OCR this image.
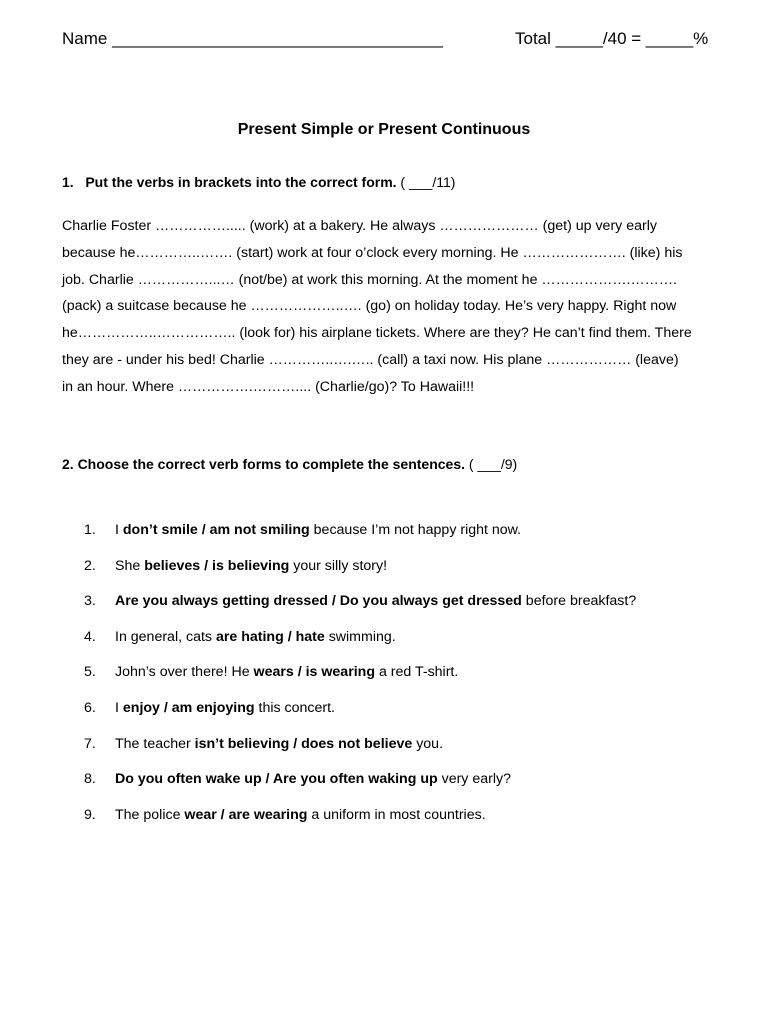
Name ___________________________________	Total _____/40 = _____%
Present Simple or Present Continuous
1.   Put the verbs in brackets into the correct form. ( ___/11)
Charlie Foster ……………..... (work) at a bakery. He always ………………… (get) up very early
because he…………..……. (start) work at four o’clock every morning. He …………………. (like) his
job. Charlie ……………...… (not/be) at work this morning. At the moment he ……………….……….
(pack) a suitcase because he ………………..…. (go) on holiday today. He’s very happy. Right now
he……………..…………….. (look for) his airplane tickets. Where are they? He can’t find them. There
they are - under his bed! Charlie …………..….….. (call) a taxi now. His plane ……………… (leave)
in an hour. Where …………….……….... (Charlie/go)? To Hawaii!!!
2. Choose the correct verb forms to complete the sentences. ( ___/9)
1.	I don’t smile / am not smiling because I’m not happy right now.
2.	She believes / is believing your silly story!
3.	Are you always getting dressed / Do you always get dressed before breakfast?
4.	In general, cats are hating / hate swimming.
5.	John’s over there! He wears / is wearing a red T-shirt.
6.	I enjoy / am enjoying this concert.
7.	The teacher isn’t believing / does not believe you.
8.	Do you often wake up / Are you often waking up very early?
9.	The police wear / are wearing a uniform in most countries.
